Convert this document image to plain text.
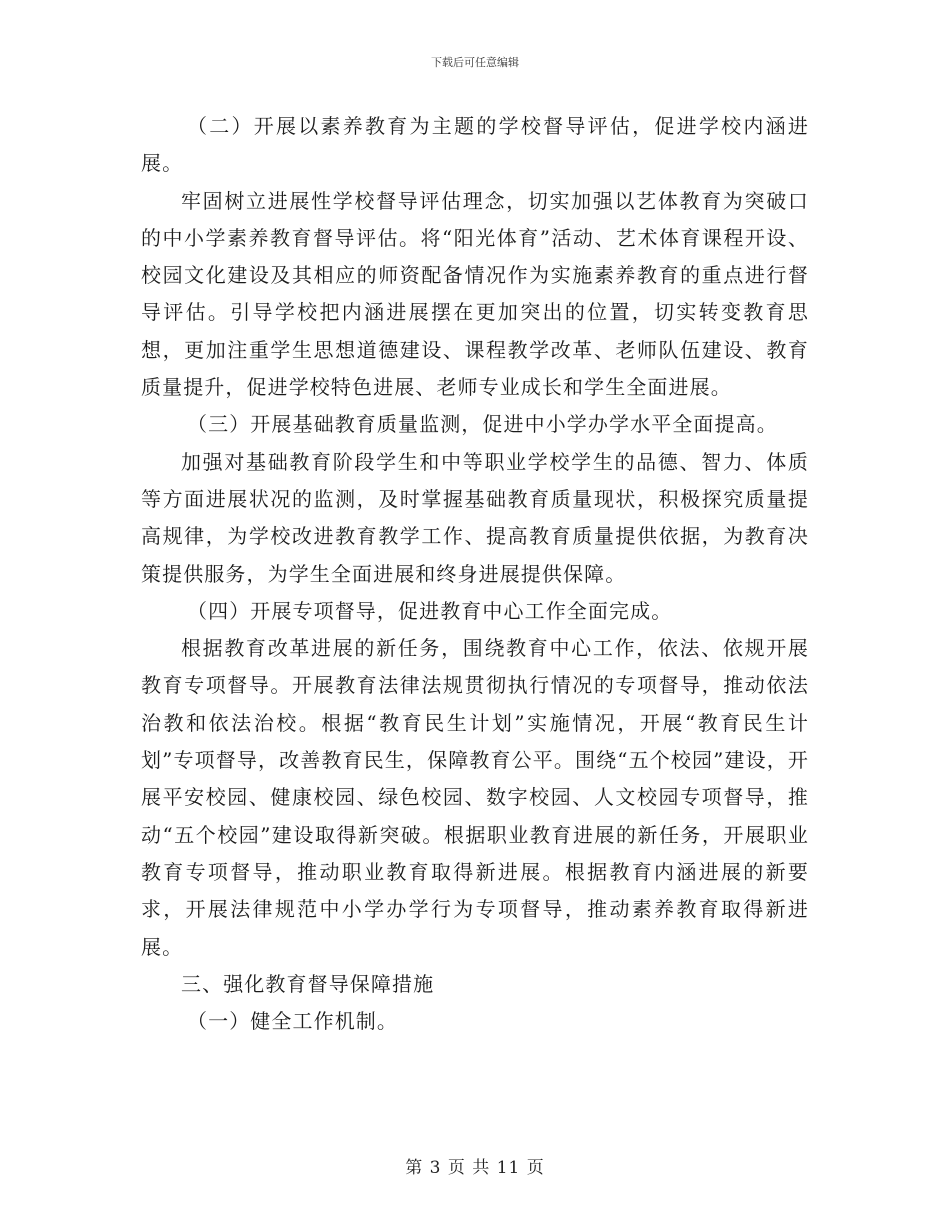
下载后可任意编辑

（二）开展以素养教育为主题的学校督导评估，促进学校内涵进展。

牢固树立进展性学校督导评估理念，切实加强以艺体教育为突破口的中小学素养教育督导评估。将“阳光体育”活动、艺术体育课程开设、校园文化建设及其相应的师资配备情况作为实施素养教育的重点进行督导评估。引导学校把内涵进展摆在更加突出的位置，切实转变教育思想，更加注重学生思想道德建设、课程教学改革、老师队伍建设、教育质量提升，促进学校特色进展、老师专业成长和学生全面进展。

（三）开展基础教育质量监测，促进中小学办学水平全面提高。

加强对基础教育阶段学生和中等职业学校学生的品德、智力、体质等方面进展状况的监测，及时掌握基础教育质量现状，积极探究质量提高规律，为学校改进教育教学工作、提高教育质量提供依据，为教育决策提供服务，为学生全面进展和终身进展提供保障。

（四）开展专项督导，促进教育中心工作全面完成。

根据教育改革进展的新任务，围绕教育中心工作，依法、依规开展教育专项督导。开展教育法律法规贯彻执行情况的专项督导，推动依法治教和依法治校。根据“教育民生计划”实施情况，开展“教育民生计划”专项督导，改善教育民生，保障教育公平。围绕“五个校园”建设，开展平安校园、健康校园、绿色校园、数字校园、人文校园专项督导，推动“五个校园”建设取得新突破。根据职业教育进展的新任务，开展职业教育专项督导，推动职业教育取得新进展。根据教育内涵进展的新要求，开展法律规范中小学办学行为专项督导，推动素养教育取得新进展。

三、强化教育督导保障措施

（一）健全工作机制。

第 3 页 共 11 页
